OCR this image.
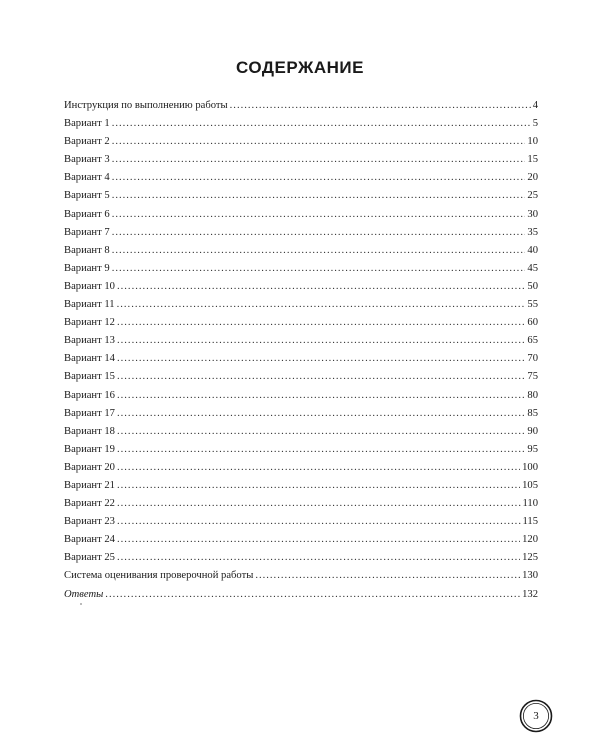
СОДЕРЖАНИЕ
Инструкция по выполнению работы .....	4
Вариант 1 .....	5
Вариант 2 .....	10
Вариант 3 .....	15
Вариант 4 .....	20
Вариант 5 .....	25
Вариант 6 .....	30
Вариант 7 .....	35
Вариант 8 .....	40
Вариант 9 .....	45
Вариант 10 .....	50
Вариант 11 .....	55
Вариант 12 .....	60
Вариант 13 .....	65
Вариант 14 .....	70
Вариант 15 .....	75
Вариант 16 .....	80
Вариант 17 .....	85
Вариант 18 .....	90
Вариант 19 .....	95
Вариант 20 .....	100
Вариант 21 .....	105
Вариант 22 .....	110
Вариант 23 .....	115
Вариант 24 .....	120
Вариант 25 .....	125
Система оценивания проверочной работы .....	130
Ответы .....	132
3
